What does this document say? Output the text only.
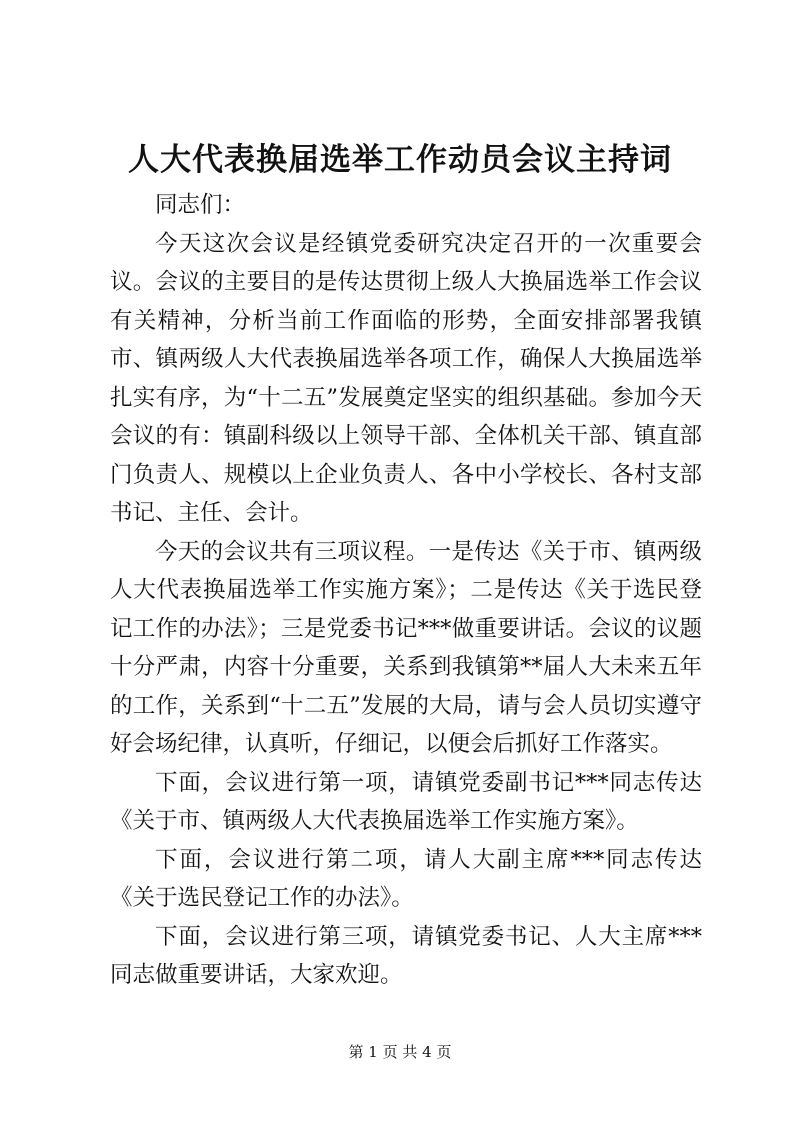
人大代表换届选举工作动员会议主持词

同志们：

今天这次会议是经镇党委研究决定召开的一次重要会议。会议的主要目的是传达贯彻上级人大换届选举工作会议有关精神，分析当前工作面临的形势，全面安排部署我镇市、镇两级人大代表换届选举各项工作，确保人大换届选举扎实有序，为“十二五”发展奠定坚实的组织基础。参加今天会议的有：镇副科级以上领导干部、全体机关干部、镇直部门负责人、规模以上企业负责人、各中小学校长、各村支部书记、主任、会计。

今天的会议共有三项议程。一是传达《关于市、镇两级人大代表换届选举工作实施方案》；二是传达《关于选民登记工作的办法》；三是党委书记***做重要讲话。会议的议题十分严肃，内容十分重要，关系到我镇第**届人大未来五年的工作，关系到“十二五”发展的大局，请与会人员切实遵守好会场纪律，认真听，仔细记，以便会后抓好工作落实。

下面，会议进行第一项，请镇党委副书记***同志传达《关于市、镇两级人大代表换届选举工作实施方案》。

下面，会议进行第二项，请人大副主席***同志传达《关于选民登记工作的办法》。

下面，会议进行第三项，请镇党委书记、人大主席***同志做重要讲话，大家欢迎。

第 1 页 共 4 页
